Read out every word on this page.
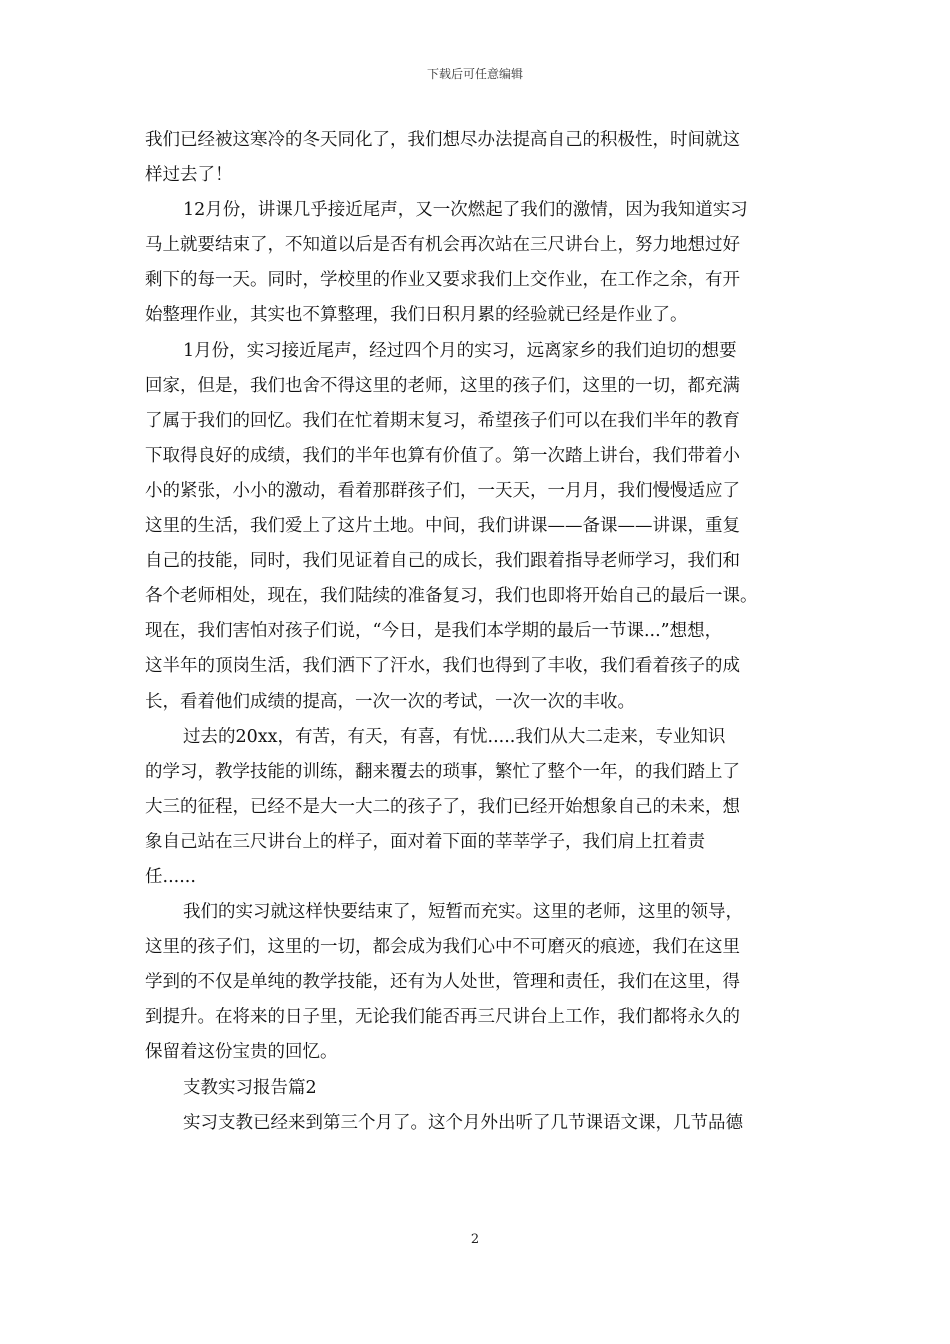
下载后可任意编辑
我们已经被这寒冷的冬天同化了，我们想尽办法提高自己的积极性，时间就这
样过去了！
12月份，讲课几乎接近尾声，又一次燃起了我们的激情，因为我知道实习
马上就要结束了，不知道以后是否有机会再次站在三尺讲台上，努力地想过好
剩下的每一天。同时，学校里的作业又要求我们上交作业，在工作之余，有开
始整理作业，其实也不算整理，我们日积月累的经验就已经是作业了。
1月份，实习接近尾声，经过四个月的实习，远离家乡的我们迫切的想要
回家，但是，我们也舍不得这里的老师，这里的孩子们，这里的一切，都充满
了属于我们的回忆。我们在忙着期末复习，希望孩子们可以在我们半年的教育
下取得良好的成绩，我们的半年也算有价值了。第一次踏上讲台，我们带着小
小的紧张，小小的激动，看着那群孩子们，一天天，一月月，我们慢慢适应了
这里的生活，我们爱上了这片土地。中间，我们讲课——备课——讲课，重复
自己的技能，同时，我们见证着自己的成长，我们跟着指导老师学习，我们和
各个老师相处，现在，我们陆续的准备复习，我们也即将开始自己的最后一课。
现在，我们害怕对孩子们说，“今日，是我们本学期的最后一节课...”想想，
这半年的顶岗生活，我们洒下了汗水，我们也得到了丰收，我们看着孩子的成
长，看着他们成绩的提高，一次一次的考试，一次一次的丰收。
过去的20xx，有苦，有天，有喜，有忧.....我们从大二走来，专业知识
的学习，教学技能的训练，翻来覆去的琐事，繁忙了整个一年，的我们踏上了
大三的征程，已经不是大一大二的孩子了，我们已经开始想象自己的未来，想
象自己站在三尺讲台上的样子，面对着下面的莘莘学子，我们肩上扛着责
任......
我们的实习就这样快要结束了，短暂而充实。这里的老师，这里的领导，
这里的孩子们，这里的一切，都会成为我们心中不可磨灭的痕迹，我们在这里
学到的不仅是单纯的教学技能，还有为人处世，管理和责任，我们在这里，得
到提升。在将来的日子里，无论我们能否再三尺讲台上工作，我们都将永久的
保留着这份宝贵的回忆。
支教实习报告篇2
实习支教已经来到第三个月了。这个月外出听了几节课语文课，几节品德
2
